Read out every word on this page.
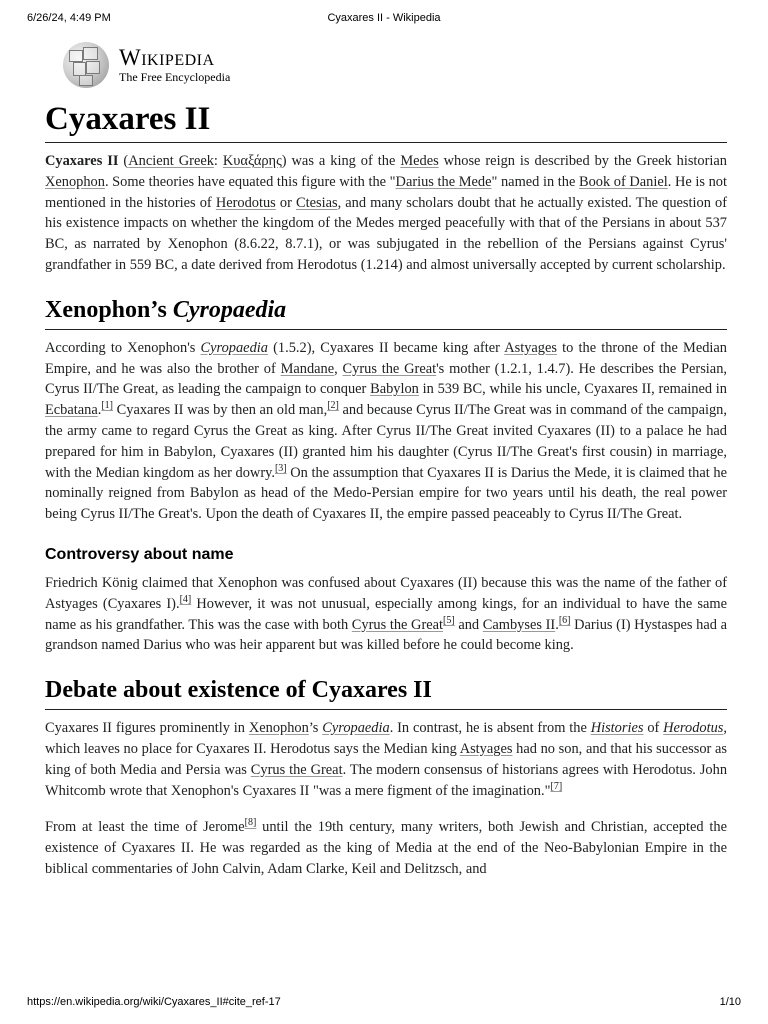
6/26/24, 4:49 PM	Cyaxares II - Wikipedia
Wikipedia
The Free Encyclopedia
Cyaxares II

Cyaxares II (Ancient Greek: Κυαξάρης) was a king of the Medes whose reign is described by the Greek historian Xenophon. Some theories have equated this figure with the "Darius the Mede" named in the Book of Daniel. He is not mentioned in the histories of Herodotus or Ctesias, and many scholars doubt that he actually existed. The question of his existence impacts on whether the kingdom of the Medes merged peacefully with that of the Persians in about 537 BC, as narrated by Xenophon (8.6.22, 8.7.1), or was subjugated in the rebellion of the Persians against Cyrus' grandfather in 559 BC, a date derived from Herodotus (1.214) and almost universally accepted by current scholarship.

Xenophon’s Cyropaedia

According to Xenophon's Cyropaedia (1.5.2), Cyaxares II became king after Astyages to the throne of the Median Empire, and he was also the brother of Mandane, Cyrus the Great's mother (1.2.1, 1.4.7). He describes the Persian, Cyrus II/The Great, as leading the campaign to conquer Babylon in 539 BC, while his uncle, Cyaxares II, remained in Ecbatana.[1] Cyaxares II was by then an old man,[2] and because Cyrus II/The Great was in command of the campaign, the army came to regard Cyrus the Great as king. After Cyrus II/The Great invited Cyaxares (II) to a palace he had prepared for him in Babylon, Cyaxares (II) granted him his daughter (Cyrus II/The Great's first cousin) in marriage, with the Median kingdom as her dowry.[3] On the assumption that Cyaxares II is Darius the Mede, it is claimed that he nominally reigned from Babylon as head of the Medo-Persian empire for two years until his death, the real power being Cyrus II/The Great's. Upon the death of Cyaxares II, the empire passed peaceably to Cyrus II/The Great.

Controversy about name

Friedrich König claimed that Xenophon was confused about Cyaxares (II) because this was the name of the father of Astyages (Cyaxares I).[4] However, it was not unusual, especially among kings, for an individual to have the same name as his grandfather. This was the case with both Cyrus the Great[5] and Cambyses II.[6] Darius (I) Hystaspes had a grandson named Darius who was heir apparent but was killed before he could become king.

Debate about existence of Cyaxares II

Cyaxares II figures prominently in Xenophon’s Cyropaedia. In contrast, he is absent from the Histories of Herodotus, which leaves no place for Cyaxares II. Herodotus says the Median king Astyages had no son, and that his successor as king of both Media and Persia was Cyrus the Great. The modern consensus of historians agrees with Herodotus. John Whitcomb wrote that Xenophon's Cyaxares II "was a mere figment of the imagination."[7]

From at least the time of Jerome[8] until the 19th century, many writers, both Jewish and Christian, accepted the existence of Cyaxares II. He was regarded as the king of Media at the end of the Neo-Babylonian Empire in the biblical commentaries of John Calvin, Adam Clarke, Keil and Delitzsch, and

https://en.wikipedia.org/wiki/Cyaxares_II#cite_ref-17	1/10
